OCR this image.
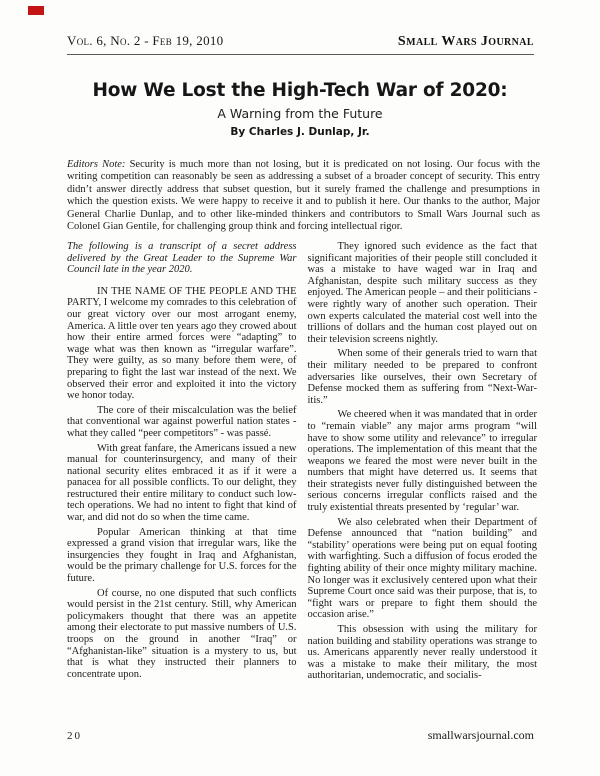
Vol. 6, No. 2 - Feb 19, 2010	Small Wars Journal
How We Lost the High-Tech War of 2020:
A Warning from the Future
By Charles J. Dunlap, Jr.

Editors Note: Security is much more than not losing, but it is predicated on not losing. Our focus with the writing competition can reasonably be seen as addressing a subset of a broader concept of security. This entry didn’t answer directly address that subset question, but it surely framed the challenge and presumptions in which the question exists. We were happy to receive it and to publish it here. Our thanks to the author, Major General Charlie Dunlap, and to other like-minded thinkers and contributors to Small Wars Journal such as Colonel Gian Gentile, for challenging group think and forcing intellectual rigor.

The following is a transcript of a secret address delivered by the Great Leader to the Supreme War Council late in the year 2020.

IN THE NAME OF THE PEOPLE AND THE PARTY, I welcome my comrades to this celebration of our great victory over our most arrogant enemy, America. A little over ten years ago they crowed about how their entire armed forces were “adapting” to wage what was then known as “irregular warfare”. They were guilty, as so many before them were, of preparing to fight the last war instead of the next. We observed their error and exploited it into the victory we honor today.

The core of their miscalculation was the belief that conventional war against powerful nation states - what they called “peer competitors” - was passé.

With great fanfare, the Americans issued a new manual for counterinsurgency, and many of their national security elites embraced it as if it were a panacea for all possible conflicts. To our delight, they restructured their entire military to conduct such low-tech operations. We had no intent to fight that kind of war, and did not do so when the time came.

Popular American thinking at that time expressed a grand vision that irregular wars, like the insurgencies they fought in Iraq and Afghanistan, would be the primary challenge for U.S. forces for the future.

Of course, no one disputed that such conflicts would persist in the 21st century. Still, why American policymakers thought that there was an appetite among their electorate to put massive numbers of U.S. troops on the ground in another “Iraq” or “Afghanistan-like” situation is a mystery to us, but that is what they instructed their planners to concentrate upon.

They ignored such evidence as the fact that significant majorities of their people still concluded it was a mistake to have waged war in Iraq and Afghanistan, despite such military success as they enjoyed. The American people – and their politicians - were rightly wary of another such operation. Their own experts calculated the material cost well into the trillions of dollars and the human cost played out on their television screens nightly.

When some of their generals tried to warn that their military needed to be prepared to confront adversaries like ourselves, their own Secretary of Defense mocked them as suffering from “Next-War-itis.”

We cheered when it was mandated that in order to “remain viable” any major arms program “will have to show some utility and relevance” to irregular operations. The implementation of this meant that the weapons we feared the most were never built in the numbers that might have deterred us. It seems that their strategists never fully distinguished between the serious concerns irregular conflicts raised and the truly existential threats presented by ‘regular’ war.

We also celebrated when their Department of Defense announced that “nation building” and “stability’ operations were being put on equal footing with warfighting. Such a diffusion of focus eroded the fighting ability of their once mighty military machine. No longer was it exclusively centered upon what their Supreme Court once said was their purpose, that is, to “fight wars or prepare to fight them should the occasion arise.”

This obsession with using the military for nation building and stability operations was strange to us. Americans apparently never really understood it was a mistake to make their military, the most authoritarian, undemocratic, and socialis-

20	smallwarsjournal.com
